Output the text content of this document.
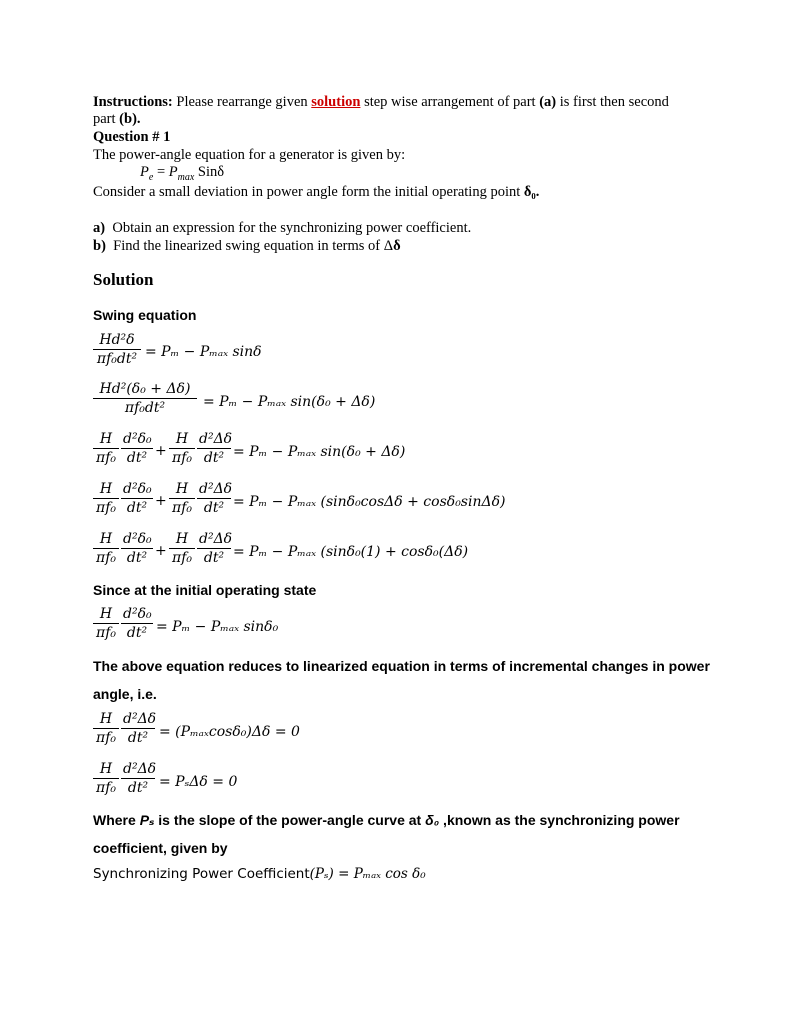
Instructions: Please rearrange given solution step wise arrangement of part (a) is first then second
part (b).
Question # 1
The power-angle equation for a generator is given by:
$P_e = P_{max}$ Sinδ
Consider a small deviation in power angle form the initial operating point δ₀.
a) Obtain an expression for the synchronizing power coefficient.
b) Find the linearized swing equation in terms of Δδ
Solution
Swing equation
Hd²δ
πf₀dt² = Pₘ − Pₘₐₓ sinδ
Hd²(δ₀ + Δδ)
πf₀dt²	= Pₘ − Pₘₐₓ sin(δ₀ + Δδ)
H
πf₀
d²δ₀
dt² +
H
πf₀
d²Δδ
dt² = Pₘ − Pₘₐₓ sin(δ₀ + Δδ)
H
πf₀
d²δ₀
dt² +
H
πf₀
d²Δδ
dt² = Pₘ − Pₘₐₓ (sinδ₀cosΔδ + cosδ₀sinΔδ)
H
πf₀
d²δ₀
dt² +
H
πf₀
d²Δδ
dt² = Pₘ − Pₘₐₓ (sinδ₀(1) + cosδ₀(Δδ)
Since at the initial operating state
H
πf₀
d²δ₀
dt² = Pₘ − Pₘₐₓ sinδ₀
The above equation reduces to linearized equation in terms of incremental changes in power
angle, i.e.
H
πf₀
d²Δδ
dt² = (Pₘₐₓcosδ₀)Δδ = 0
H
πf₀
d²Δδ
dt² = PₛΔδ = 0
Where Pₛ is the slope of the power-angle curve at δ₀ ,known as the synchronizing power
coefficient, given by
Synchronizing Power Coefficient(Pₛ) = Pₘₐₓ cos δ₀
